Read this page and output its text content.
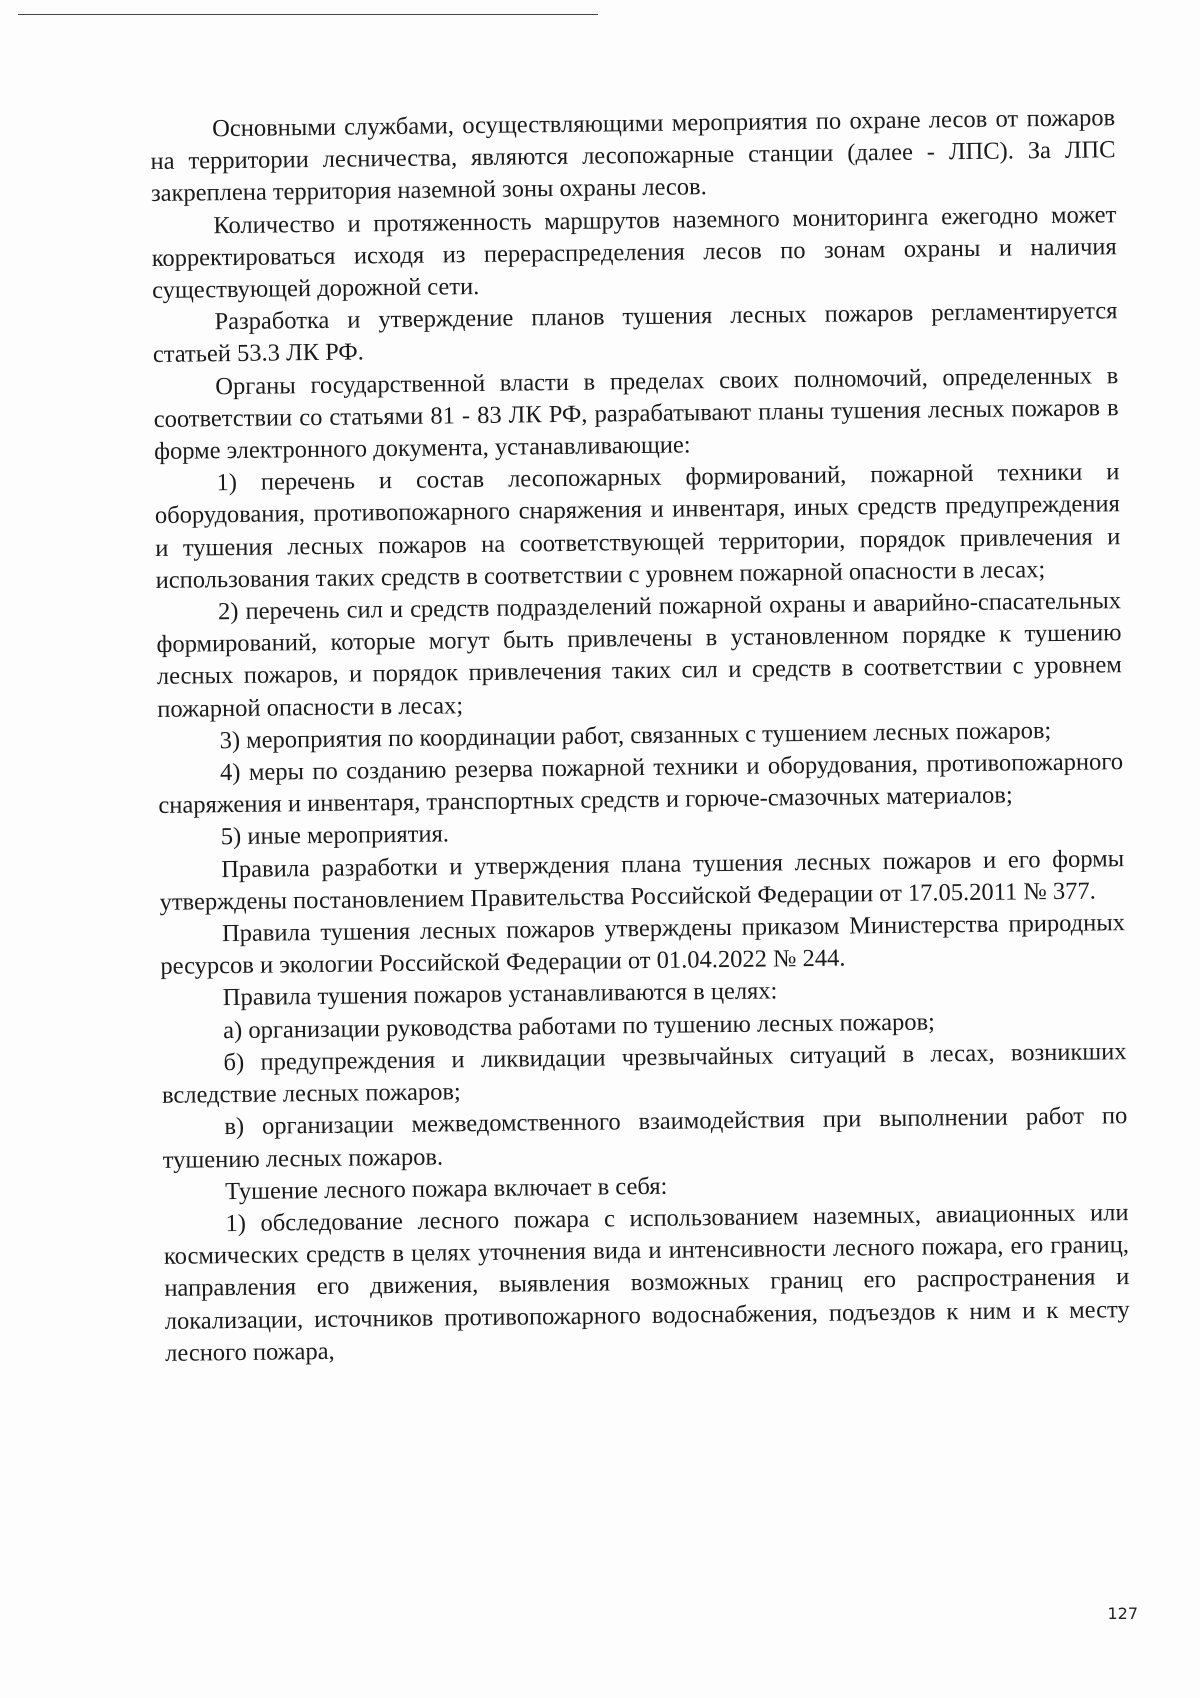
Основными службами, осуществляющими мероприятия по охране лесов от пожаров на территории лесничества, являются лесопожарные станции (далее - ЛПС). За ЛПС закреплена территория наземной зоны охраны лесов.

Количество и протяженность маршрутов наземного мониторинга ежегодно может корректироваться исходя из перераспределения лесов по зонам охраны и наличия существующей дорожной сети.

Разработка и утверждение планов тушения лесных пожаров регламентируется статьей 53.3 ЛК РФ.

Органы государственной власти в пределах своих полномочий, определенных в соответствии со статьями 81 - 83 ЛК РФ, разрабатывают планы тушения лесных пожаров в форме электронного документа, устанавливающие:

1) перечень и состав лесопожарных формирований, пожарной техники и оборудования, противопожарного снаряжения и инвентаря, иных средств предупреждения и тушения лесных пожаров на соответствующей территории, порядок привлечения и использования таких средств в соответствии с уровнем пожарной опасности в лесах;

2) перечень сил и средств подразделений пожарной охраны и аварийно-спасательных формирований, которые могут быть привлечены в установленном порядке к тушению лесных пожаров, и порядок привлечения таких сил и средств в соответствии с уровнем пожарной опасности в лесах;

3) мероприятия по координации работ, связанных с тушением лесных пожаров;

4) меры по созданию резерва пожарной техники и оборудования, противопожарного снаряжения и инвентаря, транспортных средств и горюче-смазочных материалов;

5) иные мероприятия.

Правила разработки и утверждения плана тушения лесных пожаров и его формы утверждены постановлением Правительства Российской Федерации от 17.05.2011 № 377.

Правила тушения лесных пожаров утверждены приказом Министерства природных ресурсов и экологии Российской Федерации от 01.04.2022 № 244.

Правила тушения пожаров устанавливаются в целях:

а) организации руководства работами по тушению лесных пожаров;

б) предупреждения и ликвидации чрезвычайных ситуаций в лесах, возникших вследствие лесных пожаров;

в) организации межведомственного взаимодействия при выполнении работ по тушению лесных пожаров.

Тушение лесного пожара включает в себя:

1) обследование лесного пожара с использованием наземных, авиационных или космических средств в целях уточнения вида и интенсивности лесного пожара, его границ, направления его движения, выявления возможных границ его распространения и локализации, источников противопожарного водоснабжения, подъездов к ним и к месту лесного пожара,

127
